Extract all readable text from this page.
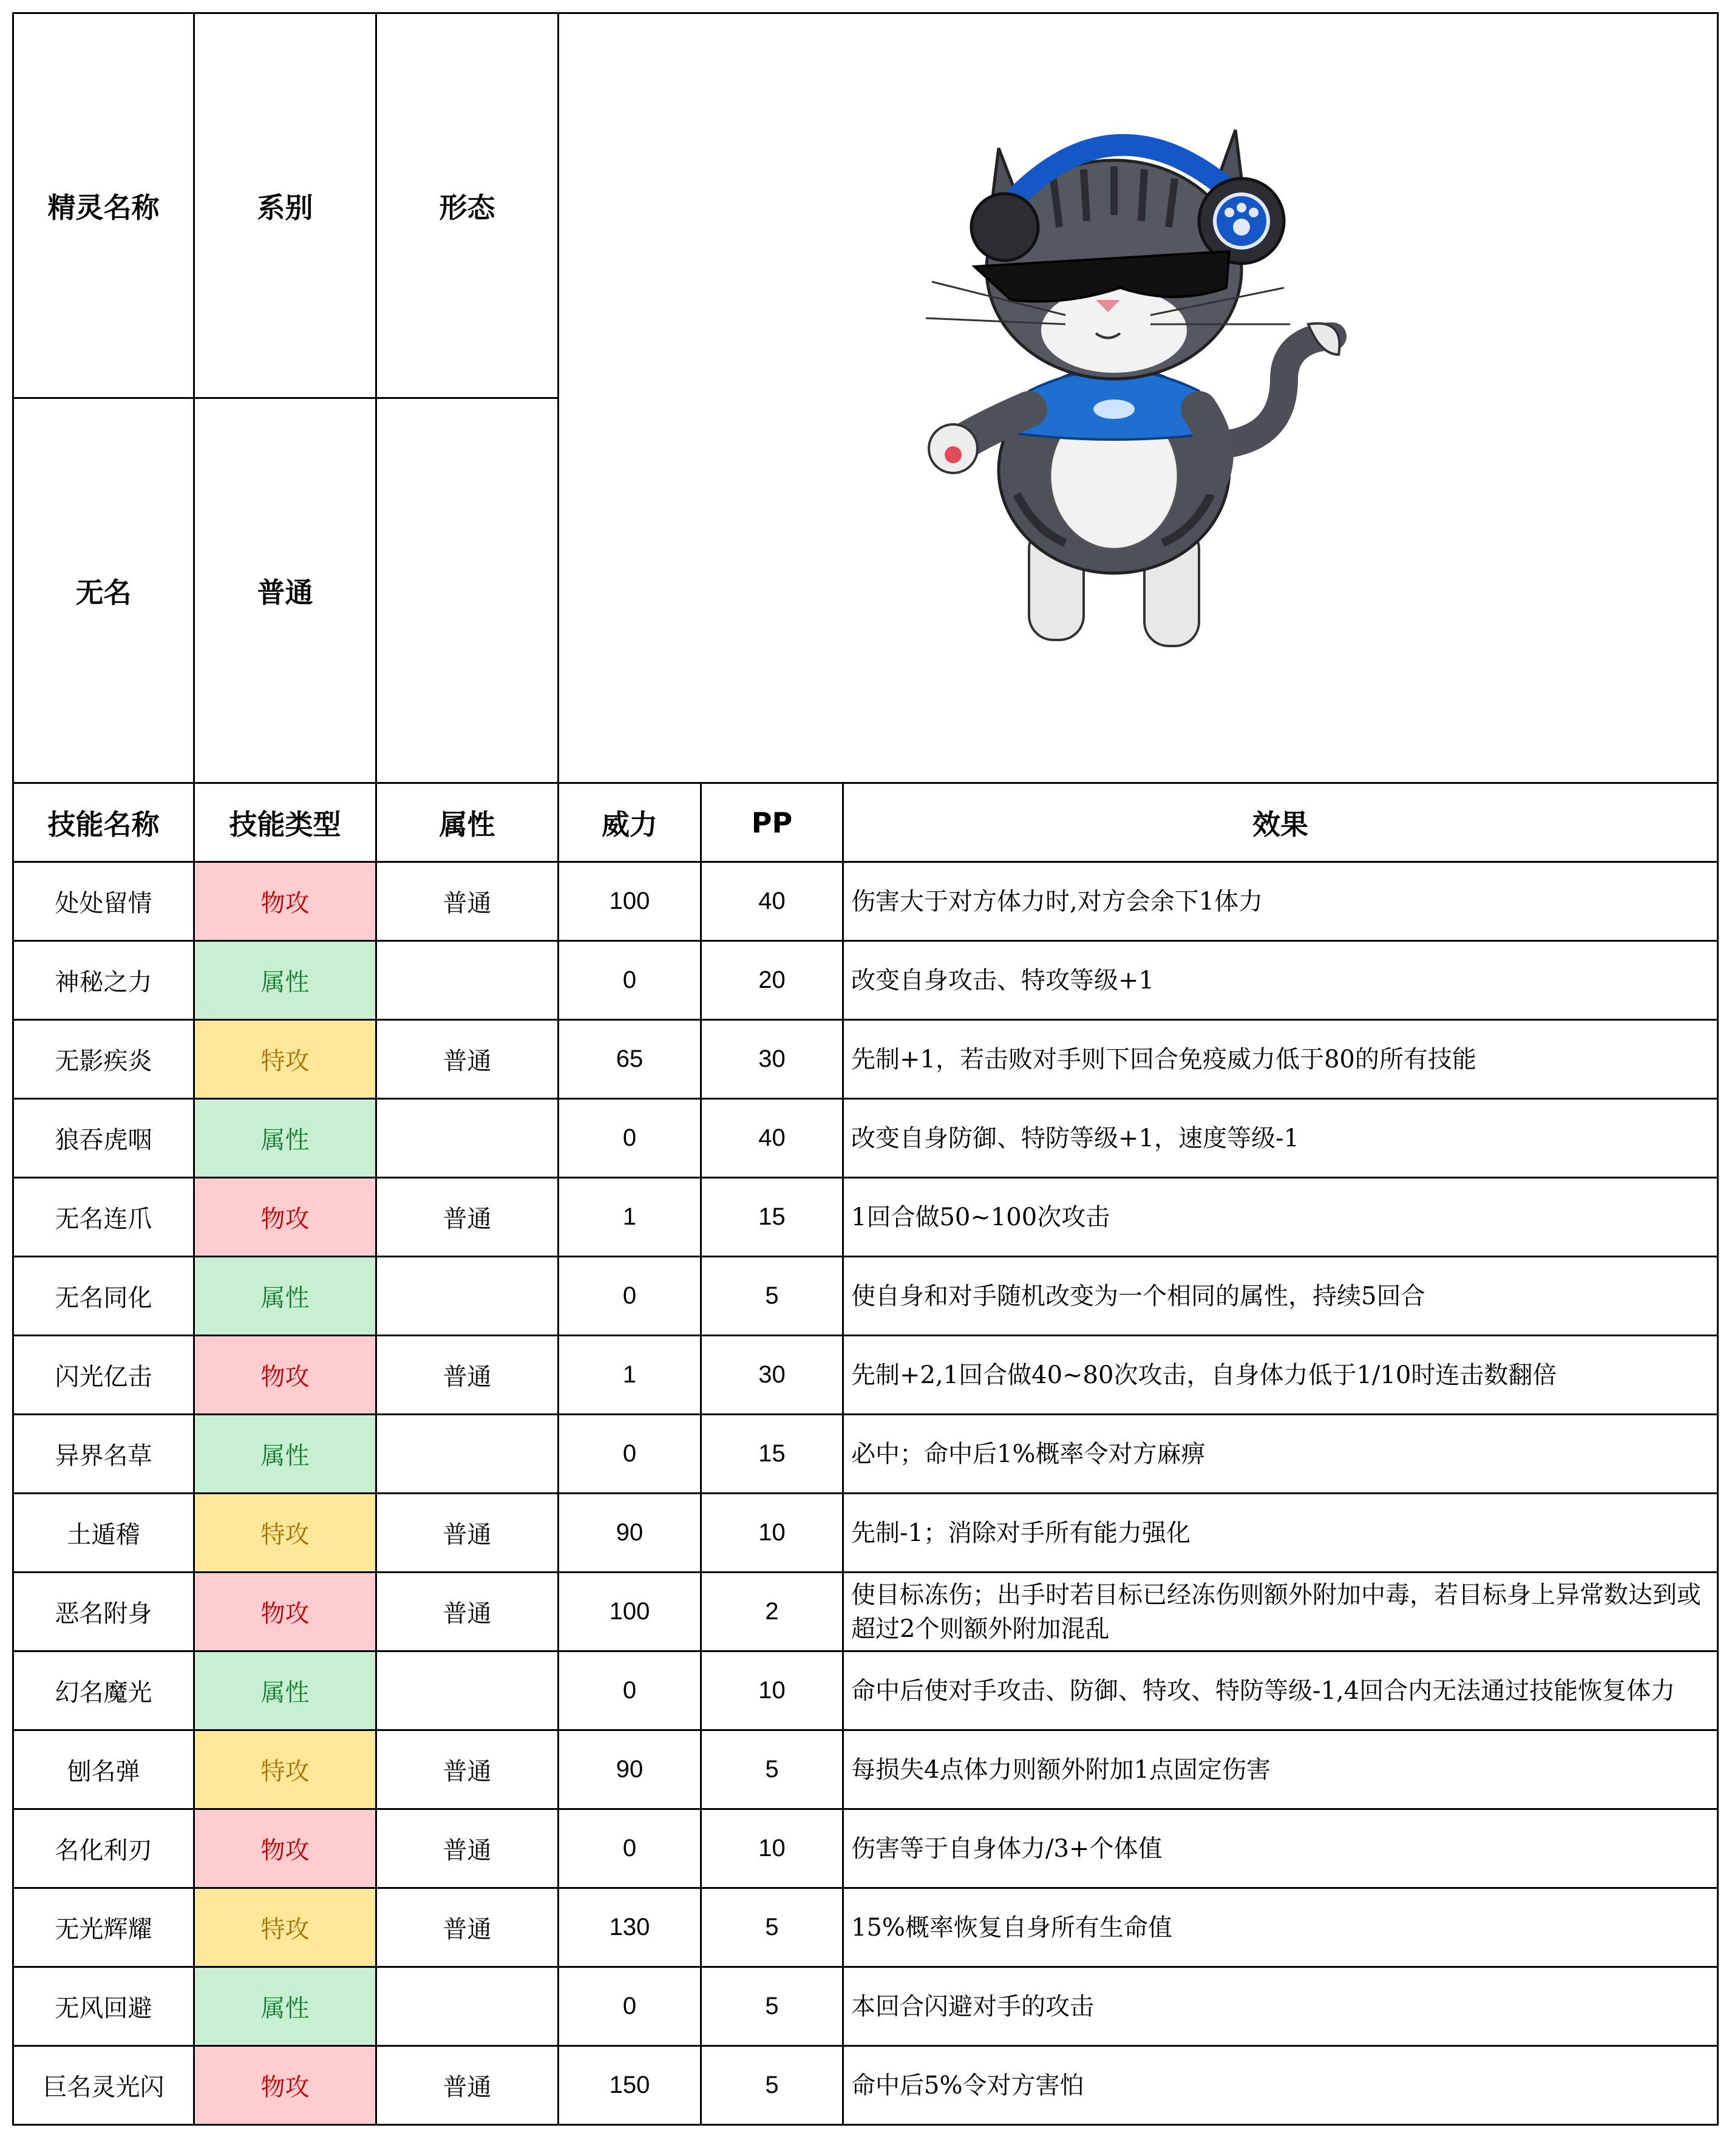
精灵名称	系别	形态	
无名	普通				
技能名称	技能类型	属性	威力	PP	效果
处处留情	物攻	普通	100	40	伤害大于对方体力时,对方会余下1体力
神秘之力	属性		0	20	改变自身攻击、特攻等级+1
无影疾炎	特攻	普通	65	30	先制+1，若击败对手则下回合免疫威力低于80的所有技能
狼吞虎咽	属性		0	40	改变自身防御、特防等级+1，速度等级-1
无名连爪	物攻	普通	1	15	1回合做50~100次攻击
无名同化	属性		0	5	使自身和对手随机改变为一个相同的属性，持续5回合
闪光亿击	物攻	普通	1	30	先制+2,1回合做40~80次攻击，自身体力低于1/10时连击数翻倍
异界名草	属性		0	15	必中；命中后1%概率令对方麻痹
土遁稽	特攻	普通	90	10	先制-1；消除对手所有能力强化
恶名附身	物攻	普通	100	2	使目标冻伤；出手时若目标已经冻伤则额外附加中毒，若目标身上异常数达到或超过2个则额外附加混乱
幻名魔光	属性		0	10	命中后使对手攻击、防御、特攻、特防等级-1,4回合内无法通过技能恢复体力
刨名弹	特攻	普通	90	5	每损失4点体力则额外附加1点固定伤害
名化利刃	物攻	普通	0	10	伤害等于自身体力/3+个体值
无光辉耀	特攻	普通	130	5	15%概率恢复自身所有生命值
无风回避	属性		0	5	本回合闪避对手的攻击
巨名灵光闪	物攻	普通	150	5	命中后5%令对方害怕
